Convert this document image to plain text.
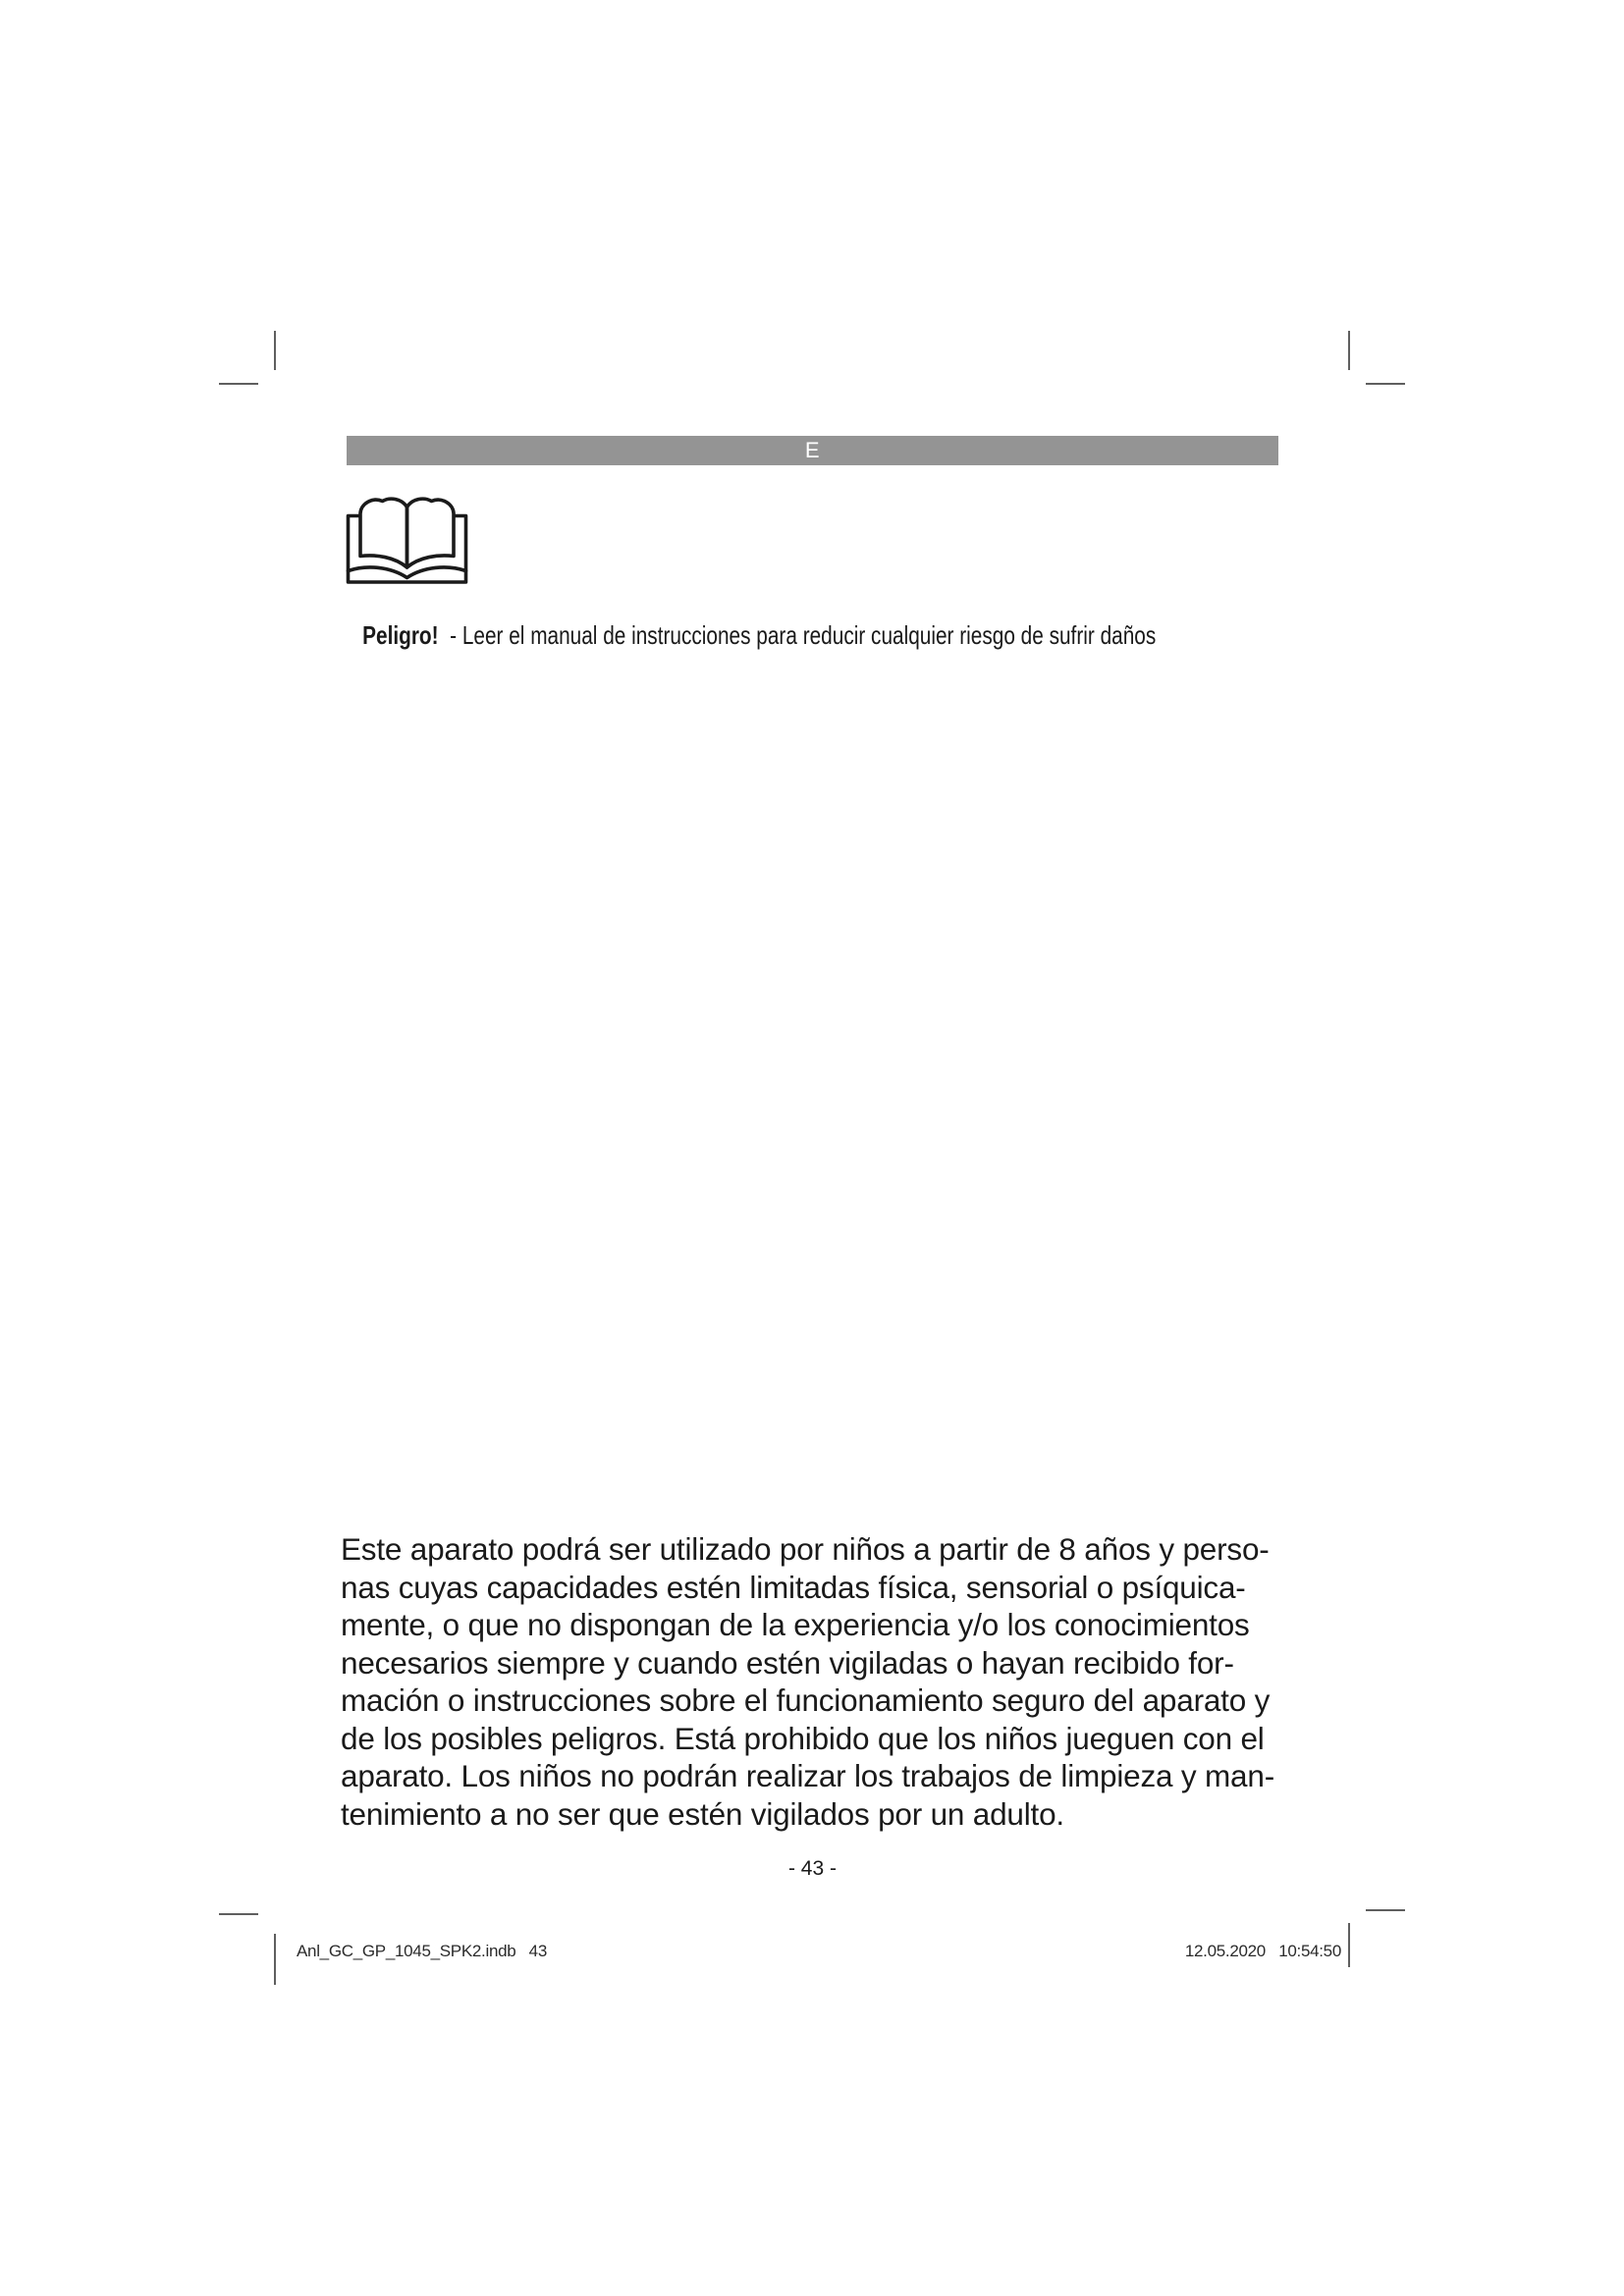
E

Peligro!  - Leer el manual de instrucciones para reducir cualquier riesgo de sufrir daños

Este aparato podrá ser utilizado por niños a partir de 8 años y perso-
nas cuyas capacidades estén limitadas física, sensorial o psíquica-
mente, o que no dispongan de la experiencia y/o los conocimientos
necesarios siempre y cuando estén vigiladas o hayan recibido for-
mación o instrucciones sobre el funcionamiento seguro del aparato y
de los posibles peligros. Está prohibido que los niños jueguen con el
aparato. Los niños no podrán realizar los trabajos de limpieza y man-
tenimiento a no ser que estén vigilados por un adulto.
- 43 -
Anl_GC_GP_1045_SPK2.indb   43	12.05.2020   10:54:50
